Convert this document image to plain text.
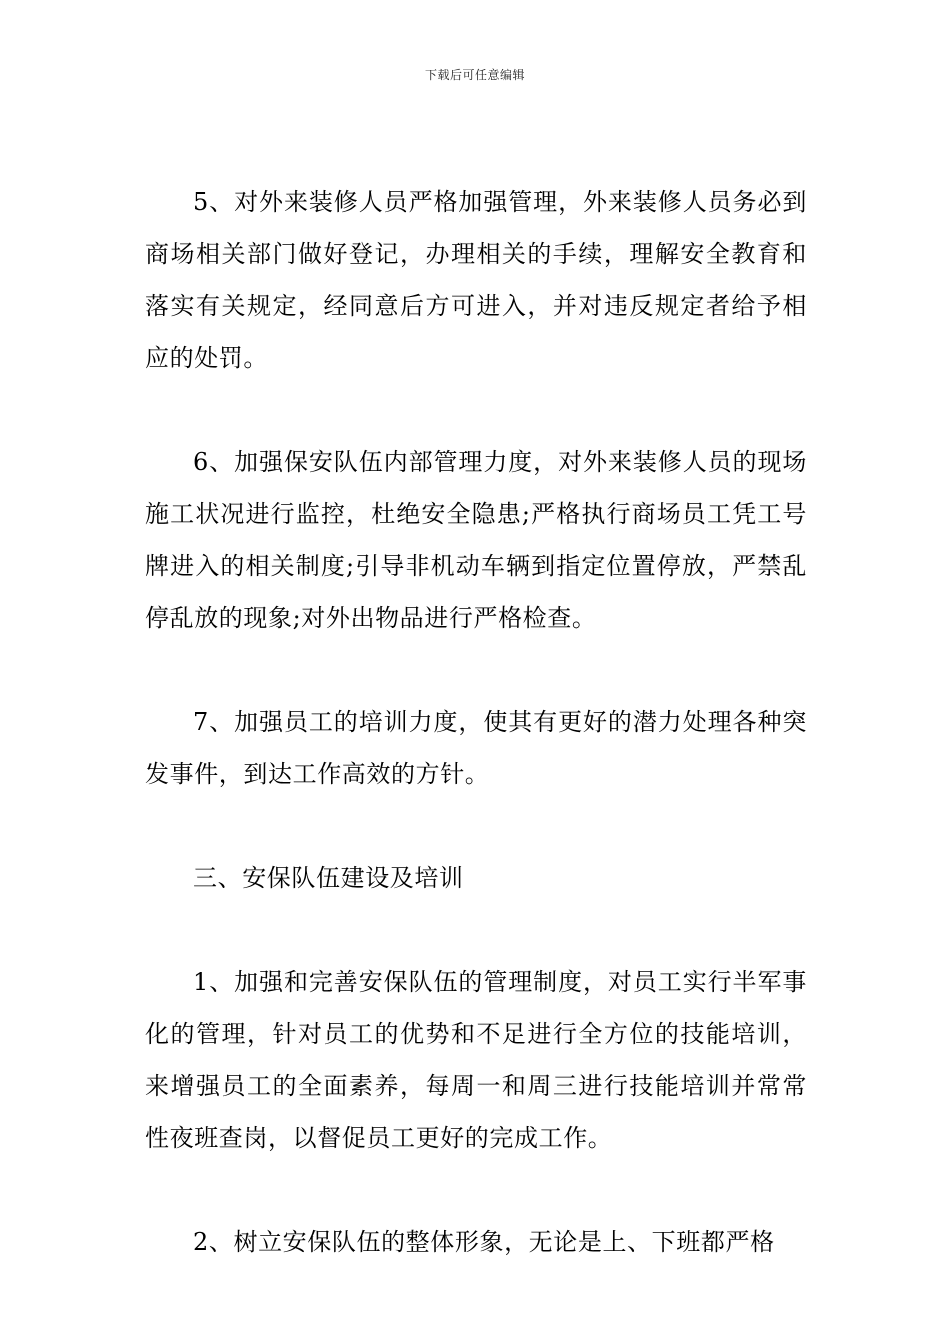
下载后可任意编辑

5、对外来装修人员严格加强管理，外来装修人员务必到商场相关部门做好登记，办理相关的手续，理解安全教育和落实有关规定，经同意后方可进入，并对违反规定者给予相应的处罚。

6、加强保安队伍内部管理力度，对外来装修人员的现场施工状况进行监控，杜绝安全隐患;严格执行商场员工凭工号牌进入的相关制度;引导非机动车辆到指定位置停放，严禁乱停乱放的现象;对外出物品进行严格检查。

7、加强员工的培训力度，使其有更好的潜力处理各种突发事件，到达工作高效的方针。

三、安保队伍建设及培训

1、加强和完善安保队伍的管理制度，对员工实行半军事化的管理，针对员工的优势和不足进行全方位的技能培训，来增强员工的全面素养，每周一和周三进行技能培训并常常性夜班查岗，以督促员工更好的完成工作。

2、树立安保队伍的整体形象，无论是上、下班都严格
